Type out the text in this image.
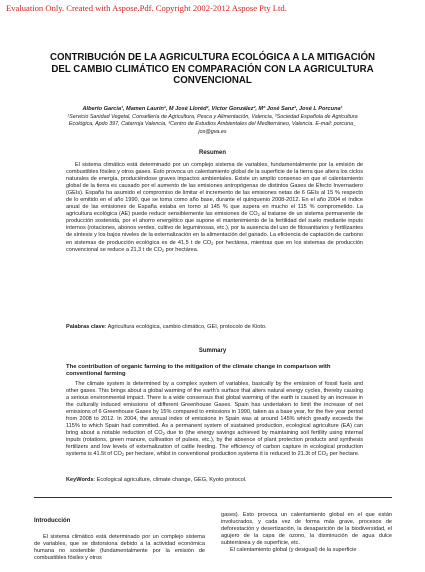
Evaluation Only. Created with Aspose.Pdf. Copyright 2002-2012 Aspose Pty Ltd.
CONTRIBUCIÓN DE LA AGRICULTURA ECOLÓGICA A LA MITIGACIÓN
DEL CAMBIO CLIMÁTICO EN COMPARACIÓN CON LA AGRICULTURA
CONVENCIONAL
Alberto García¹, Mamen Laurin², M José Lloréd², Víctor González², Mª José Sanz², José L Porcuna¹
¹Servicio Sanidad Vegetal, Consellería de Agricultura, Pesca y Alimentación, Valencia, ²Sociedad Española de Agricultura
Ecológica, Apdo 397, Catarroja Valencia, ³Centro de Estudios Ambientales del Mediterráneo, Valencia. E-mail: porcuna_
jos@gva.es
Resumen

El sistema climático está determinado por un complejo sistema de variables, fundamentalmente por la emisión de combustibles fósiles y otros gases. Esto provoca un calentamiento global de la superficie de la tierra que altera los ciclos naturales de energía, produciéndose graves impactos ambientales. Existe un amplio consenso en que el calentamiento global de la tierra es causado por el aumento de las emisiones antropógenas de distintos Gases de Efecto Invernadero (GEIs). España ha asumido el compromiso de limitar el incremento de las emisiones netas de 6 GEIs al 15 % respecto de lo emitido en el año 1990, que se toma como año base, durante el quinquenio 2008-2012. En el año 2004 el índice anual de las emisiones de España estaba en torno al 145 % que supera en mucho el 115 % comprometido. La agricultura ecológica (AE) puede reducir sensiblemente las emisiones de $CO_2$ al tratarse de un sistema permanente de producción sostenida, por el ahorro energético que supone el mantenimiento de la fertilidad del suelo mediante inputs internos (rotaciones, abonos verdes, cultivo de leguminosas, etc.), por la ausencia del uso de fitosanitarios y fertilizantes de síntesis y los bajos niveles de la externalización en la alimentación del ganado. La eficiencia de captación de carbono en sistemas de producción ecológica es de 41,5 t de $CO_2$ por hectárea, mientras que en los sistemas de producción convencional se reduce a 21,3 t de $CO_2$ por hectárea.

Palabras clave: Agricultura ecológica, cambio climático, GEI, protocolo de Kioto.
Summary
The contribution of organic farming to the mitigation of the climate change in comparison with conventional farming

The climate system is determined by a complex system of variables, basically by the emission of fossil fuels and other gases. This brings about a global warming of the earth's surface that alters natural energy cycles, thereby causing a serious environmental impact. There is a wide consensus that global warming of the earth is caused by an increase in the culturally induced emissions of different Greenhouse Gases. Spain has undertaken to limit the increase of net emissions of 6 Greenhouse Gases by 15% compared to emissions in 1990, taken as a base year, for the five year period from 2008 to 2012. In 2004, the annual index of emissions in Spain was at around 145% which greatly exceeds the 115% to which Spain had committed. As a permanent system of sustained production, ecological agriculture (EA) can bring about a notable reduction of $CO_2$ due to (the energy savings achieved by maintaining soil fertility using internal inputs (rotations, green manure, cultivation of pulses, etc.), by the absence of plant protection products and synthesis fertilizers and low levels of externalization of cattle feeding. The efficiency of carbon capture in ecological production systems is 41.5t of $CO_2$ per hectare, whilst in conventional production systems it is reduced to 21.3t of $CO_2$ per hectare.

KeyWords: Ecological agriculture, climate change, GEG, Kyoto protocol.
Introducción

El sistema climático está determinado por un complejo sistema de variables, que se distorsiona debido a la actividad económica humana no sostenible (fundamentalmente por la emisión de combustibles fósiles y otros

gases). Esto provoca un calentamiento global en el que están involucrados, y cada vez de forma más grave, procesos de deforestación y desertización, la desaparición de la biodiversidad, el agujero de la capa de ozono, la disminución de agua dulce subterránea y de superficie, etc.

El calentamiento global (y desigual) de la superficie
